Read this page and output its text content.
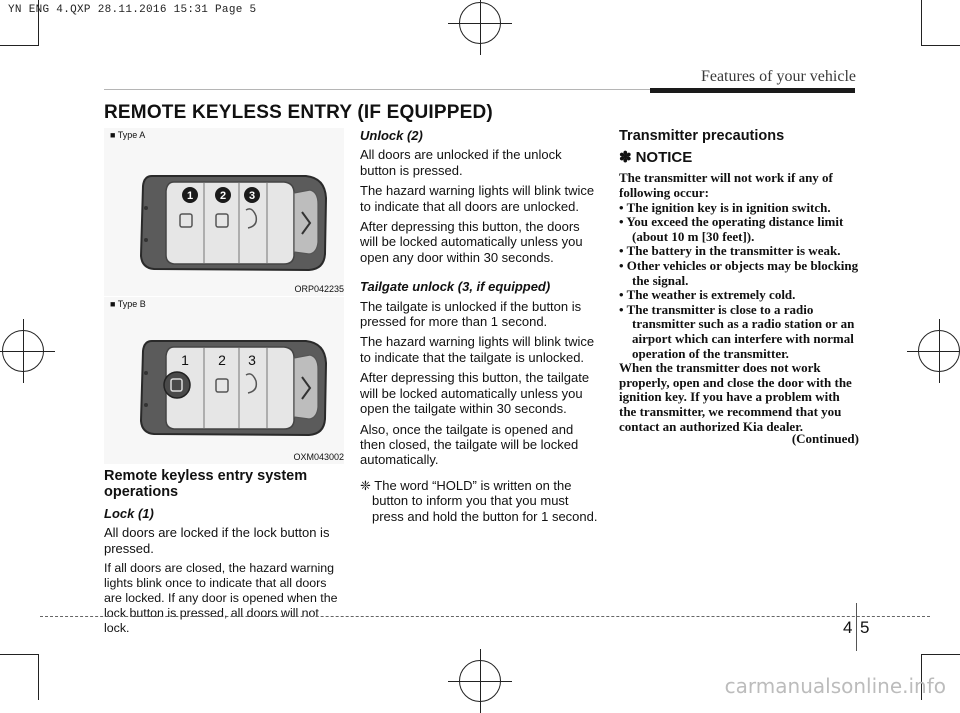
YN ENG 4.QXP 28.11.2016 15:31 Page 5
Features of your vehicle
REMOTE KEYLESS ENTRY (IF EQUIPPED)
■ Type A
1 2 3
ORP042235
■ Type B
1 2 3
OXM043002
Remote keyless entry system operations
Lock (1)

All doors are locked if the lock button is pressed.

If all doors are closed, the hazard warning lights blink once to indicate that all doors are locked. If any door is opened when the lock button is pressed, all doors will not lock.

Unlock (2)

All doors are unlocked if the unlock button is pressed.

The hazard warning lights will blink twice to indicate that all doors are unlocked.

After depressing this button, the doors will be locked automatically unless you open any door within 30 seconds.

Tailgate unlock (3, if equipped)

The tailgate is unlocked if the button is pressed for more than 1 second.

The hazard warning lights will blink twice to indicate that the tailgate is unlocked.

After depressing this button, the tailgate will be locked automatically unless you open the tailgate within 30 seconds.

Also, once the tailgate is opened and then closed, the tailgate will be locked automatically.

❈ The word “HOLD” is written on the button to inform you that you must press and hold the button for 1 second.

Transmitter precautions
✽ NOTICE
The transmitter will not work if any of following occur:
• The ignition key is in ignition switch.
• You exceed the operating distance limit (about 10 m [30 feet]).
• The battery in the transmitter is weak.
• Other vehicles or objects may be blocking the signal.
• The weather is extremely cold.
• The transmitter is close to a radio transmitter such as a radio station or an airport which can interfere with normal operation of the transmitter.
When the transmitter does not work properly, open and close the door with the ignition key. If you have a problem with the transmitter, we recommend that you contact an authorized Kia dealer.
(Continued)
4 5
carmanualsonline.info
